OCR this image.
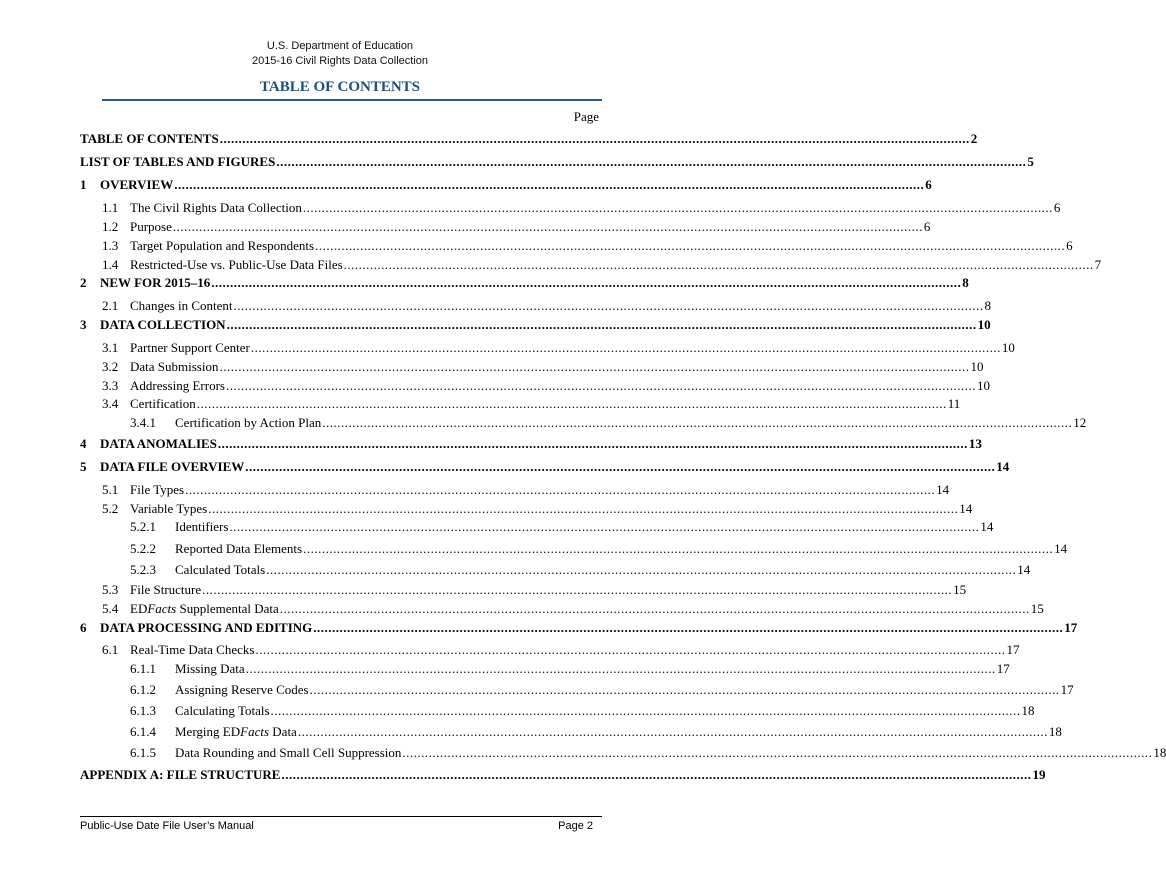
U.S. Department of Education
2015-16 Civil Rights Data Collection
TABLE OF CONTENTS
Page
TABLE OF CONTENTS ........................................................................................................................................................................................................ 2
LIST OF TABLES AND FIGURES ........................................................................................................................................................................................................ 5
1 OVERVIEW ........................................................................................................................................................................................................ 6
1.1 The Civil Rights Data Collection ........................................................................................................................................................................................................ 6
1.2 Purpose ........................................................................................................................................................................................................ 6
1.3 Target Population and Respondents ........................................................................................................................................................................................................ 6
1.4 Restricted-Use vs. Public-Use Data Files ........................................................................................................................................................................................................ 7
2 NEW FOR 2015–16 ........................................................................................................................................................................................................ 8
2.1 Changes in Content ........................................................................................................................................................................................................ 8
3 DATA COLLECTION ........................................................................................................................................................................................................ 10
3.1 Partner Support Center ........................................................................................................................................................................................................ 10
3.2 Data Submission ........................................................................................................................................................................................................ 10
3.3 Addressing Errors ........................................................................................................................................................................................................ 10
3.4 Certification ........................................................................................................................................................................................................ 11
3.4.1 Certification by Action Plan ........................................................................................................................................................................................................ 12
4 DATA ANOMALIES ........................................................................................................................................................................................................ 13
5 DATA FILE OVERVIEW ........................................................................................................................................................................................................ 14
5.1 File Types ........................................................................................................................................................................................................ 14
5.2 Variable Types ........................................................................................................................................................................................................ 14
5.2.1 Identifiers ........................................................................................................................................................................................................ 14
5.2.2 Reported Data Elements ........................................................................................................................................................................................................ 14
5.2.3 Calculated Totals ........................................................................................................................................................................................................ 14
5.3 File Structure ........................................................................................................................................................................................................ 15
5.4 EDFacts Supplemental Data ........................................................................................................................................................................................................ 15
6 DATA PROCESSING AND EDITING ........................................................................................................................................................................................................ 17
6.1 Real-Time Data Checks ........................................................................................................................................................................................................ 17
6.1.1 Missing Data ........................................................................................................................................................................................................ 17
6.1.2 Assigning Reserve Codes ........................................................................................................................................................................................................ 17
6.1.3 Calculating Totals ........................................................................................................................................................................................................ 18
6.1.4 Merging EDFacts Data ........................................................................................................................................................................................................ 18
6.1.5 Data Rounding and Small Cell Suppression ........................................................................................................................................................................................................ 18
APPENDIX A: FILE STRUCTURE ........................................................................................................................................................................................................ 19
Public-Use Date File User’s Manual	Page 2
